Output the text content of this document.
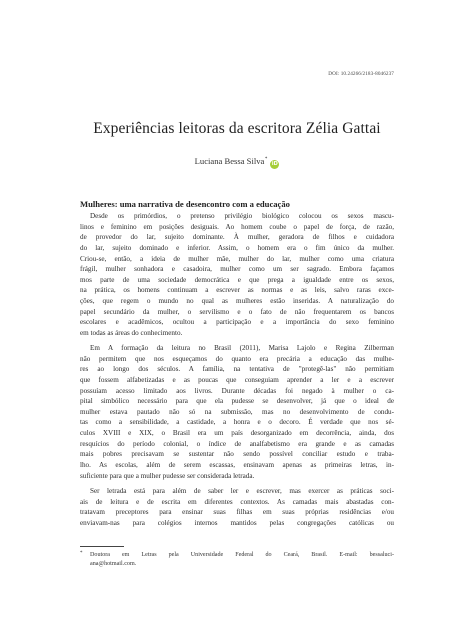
DOI: 10.24266/2183-8046237
Experiências leitoras da escritora Zélia Gattai
Luciana Bessa Silva*iD
Mulheres: uma narrativa de desencontro com a educação
Desde os primórdios, o pretenso privilégio biológico colocou os sexos mascu-
linos e feminino em posições desiguais. Ao homem coube o papel de força, de razão,
de provedor do lar, sujeito dominante. À mulher, geradora de filhos e cuidadora
do lar, sujeito dominado e inferior. Assim, o homem era o fim único da mulher.
Criou-se, então, a ideia de mulher mãe, mulher do lar, mulher como uma criatura
frágil, mulher sonhadora e casadoira, mulher como um ser sagrado. Embora façamos
mos parte de uma sociedade democrática e que prega a igualdade entre os sexos,
na prática, os homens continuam a escrever as normas e as leis, salvo raras exce-
ções, que regem o mundo no qual as mulheres estão inseridas. A naturalização do
papel secundário da mulher, o servilismo e o fato de não frequentarem os bancos
escolares e acadêmicos, ocultou a participação e a importância do sexo feminino
em todas as áreas do conhecimento.
Em A formação da leitura no Brasil (2011), Marisa Lajolo e Regina Zilberman
não permitem que nos esqueçamos do quanto era precária a educação das mulhe-
res ao longo dos séculos. A família, na tentativa de "protegê-las" não permitiam
que fossem alfabetizadas e as poucas que conseguiam aprender a ler e a escrever
possuíam acesso limitado aos livros. Durante décadas foi negado à mulher o ca-
pital simbólico necessário para que ela pudesse se desenvolver, já que o ideal de
mulher estava pautado não só na submissão, mas no desenvolvimento de condu-
tas como a sensibilidade, a castidade, a honra e o decoro. É verdade que nos sé-
culos XVIII e XIX, o Brasil era um país desorganizado em decorrência, ainda, dos
resquícios do período colonial, o índice de analfabetismo era grande e as camadas
mais pobres precisavam se sustentar não sendo possível conciliar estudo e traba-
lho. As escolas, além de serem escassas, ensinavam apenas as primeiras letras, in-
suficiente para que a mulher pudesse ser considerada letrada.
Ser letrada está para além de saber ler e escrever, mas exercer as práticas soci-
ais de leitura e de escrita em diferentes contextos. As camadas mais abastadas con-
tratavam preceptores para ensinar suas filhas em suas próprias residências e/ou
enviavam-nas para colégios internos mantidos pelas congregações católicas ou
* Doutora em Letras pela Universidade Federal do Ceará, Brasil. E-mail: bessaluci-
ana@hotmail.com.
